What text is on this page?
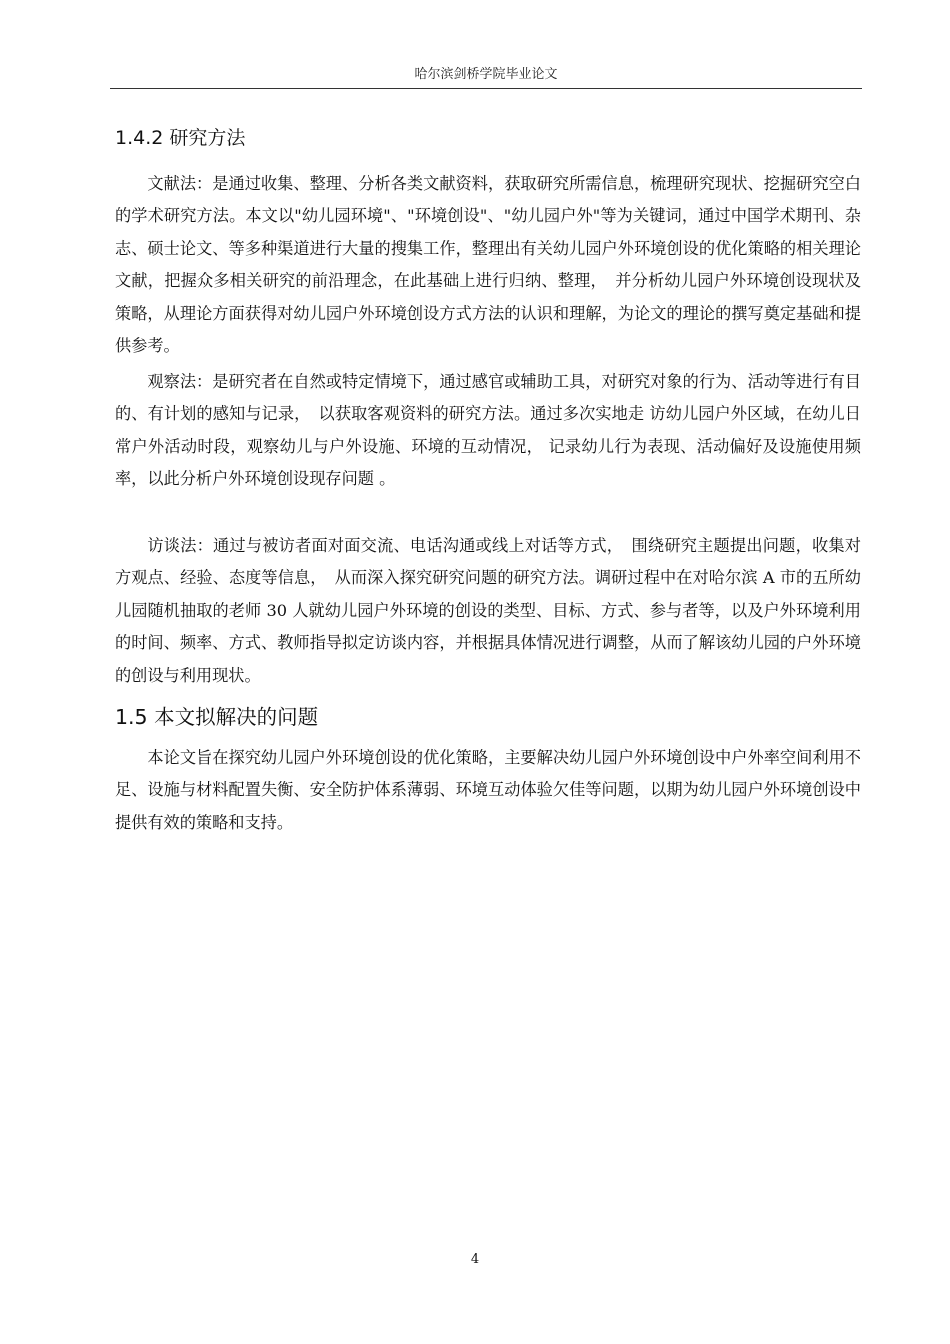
哈尔滨剑桥学院毕业论文
1.4.2 研究方法

文献法：是通过收集、整理、分析各类文献资料，获取研究所需信息，梳理研究现状、挖掘研究空白的学术研究方法。本文以"幼儿园环境"、"环境创设"、"幼儿园户外"等为关键词，通过中国学术期刊、杂志、硕士论文、等多种渠道进行大量的搜集工作，整理出有关幼儿园户外环境创设的优化策略的相关理论文献，把握众多相关研究的前沿理念，在此基础上进行归纳、整理，　并分析幼儿园户外环境创设现状及策略，从理论方面获得对幼儿园户外环境创设方式方法的认识和理解，为论文的理论的撰写奠定基础和提供参考。

观察法：是研究者在自然或特定情境下，通过感官或辅助工具，对研究对象的行为、活动等进行有目的、有计划的感知与记录，　以获取客观资料的研究方法。通过多次实地走 访幼儿园户外区域，在幼儿日常户外活动时段，观察幼儿与户外设施、环境的互动情况， 记录幼儿行为表现、活动偏好及设施使用频率，以此分析户外环境创设现存问题 。

访谈法：通过与被访者面对面交流、电话沟通或线上对话等方式，　围绕研究主题提出问题，收集对方观点、经验、态度等信息，　从而深入探究研究问题的研究方法。调研过程中在对哈尔滨 A 市的五所幼儿园随机抽取的老师 30 人就幼儿园户外环境的创设的类型、目标、方式、参与者等，以及户外环境利用的时间、频率、方式、教师指导拟定访谈内容，并根据具体情况进行调整，从而了解该幼儿园的户外环境的创设与利用现状。

1.5 本文拟解决的问题

本论文旨在探究幼儿园户外环境创设的优化策略，主要解决幼儿园户外环境创设中户外率空间利用不足、设施与材料配置失衡、安全防护体系薄弱、环境互动体验欠佳等问题，以期为幼儿园户外环境创设中提供有效的策略和支持。

4
